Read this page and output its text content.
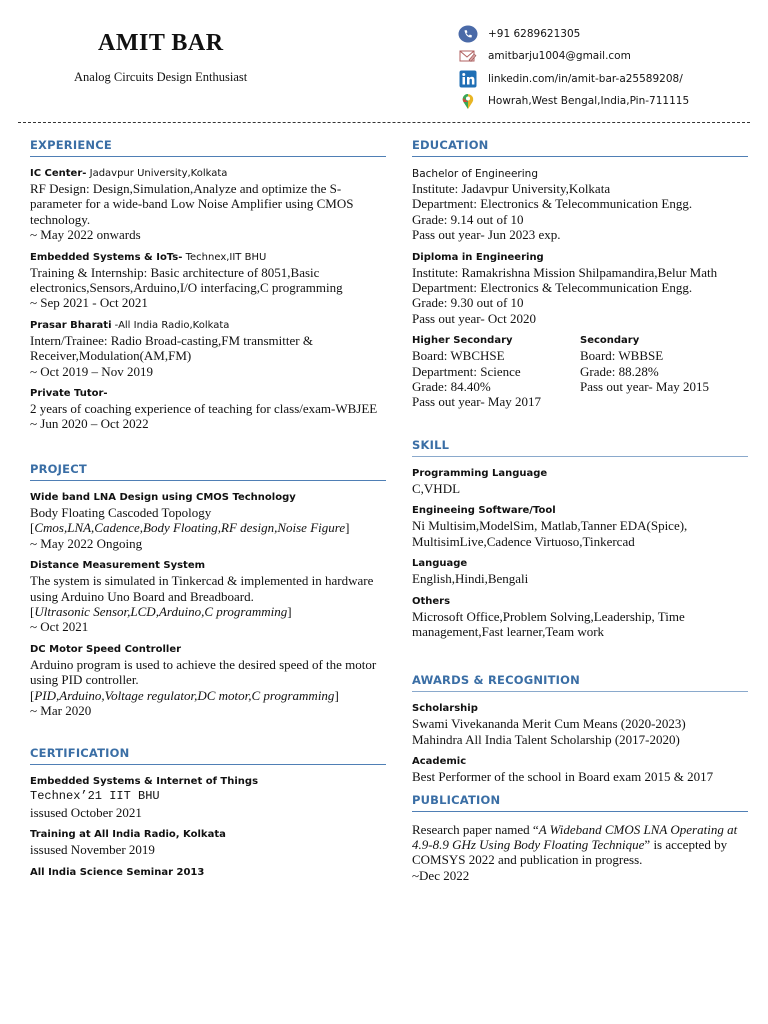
AMIT BAR
Analog Circuits Design Enthusiast
+91 6289621305
amitbarju1004@gmail.com
linkedin.com/in/amit-bar-a25589208/
Howrah,West Bengal,India,Pin-711115
EXPERIENCE
IC Center- Jadavpur University,Kolkata
RF Design: Design,Simulation,Analyze and optimize the S-parameter for a wide-band Low Noise Amplifier using CMOS technology.
~ May 2022 onwards
Embedded Systems & IoTs- Technex,IIT BHU
Training & Internship: Basic architecture of 8051,Basic electronics,Sensors,Arduino,I/O interfacing,C programming
~ Sep 2021 - Oct 2021
Prasar Bharati -All India Radio,Kolkata
Intern/Trainee: Radio Broad-casting,FM transmitter & Receiver,Modulation(AM,FM)
~ Oct 2019 – Nov 2019
Private Tutor-
2 years of coaching experience of teaching for class/exam-WBJEE
~ Jun 2020 – Oct 2022
PROJECT
Wide band LNA Design using CMOS Technology
Body Floating Cascoded Topology
[Cmos,LNA,Cadence,Body Floating,RF design,Noise Figure]
~ May 2022 Ongoing
Distance Measurement System
The system is simulated in Tinkercad & implemented in hardware using Arduino Uno Board and Breadboard.
[Ultrasonic Sensor,LCD,Arduino,C programming]
~ Oct 2021
DC Motor Speed Controller
Arduino program is used to achieve the desired speed of the motor using PID controller.
[PID,Arduino,Voltage regulator,DC motor,C programming]
~ Mar 2020
CERTIFICATION
Embedded Systems & Internet of Things
Technex’21 IIT BHU
issused October 2021
Training at All India Radio, Kolkata
issused November 2019
All India Science Seminar 2013
EDUCATION
Bachelor of Engineering
Institute: Jadavpur University,Kolkata
Department: Electronics & Telecommunication Engg.
Grade: 9.14 out of 10
Pass out year- Jun 2023 exp.
Diploma in Engineering
Institute: Ramakrishna Mission Shilpamandira,Belur Math
Department: Electronics & Telecommunication Engg.
Grade: 9.30 out of 10
Pass out year- Oct 2020
Higher Secondary
Board: WBCHSE
Department: Science
Grade: 84.40%
Pass out year- May 2017
Secondary
Board: WBBSE
Grade: 88.28%
Pass out year- May 2015
SKILL
Programming Language
C,VHDL
Engineeing Software/Tool
Ni Multisim,ModelSim, Matlab,Tanner EDA(Spice), MultisimLive,Cadence Virtuoso,Tinkercad
Language
English,Hindi,Bengali
Others
Microsoft Office,Problem Solving,Leadership, Time management,Fast learner,Team work
AWARDS & RECOGNITION
Scholarship
Swami Vivekananda Merit Cum Means (2020-2023)
Mahindra All India Talent Scholarship (2017-2020)
Academic
Best Performer of the school in Board exam 2015 & 2017
PUBLICATION
Research paper named “A Wideband CMOS LNA Operating at 4.9-8.9 GHz Using Body Floating Technique” is accepted by COMSYS 2022 and publication in progress.
~Dec 2022
